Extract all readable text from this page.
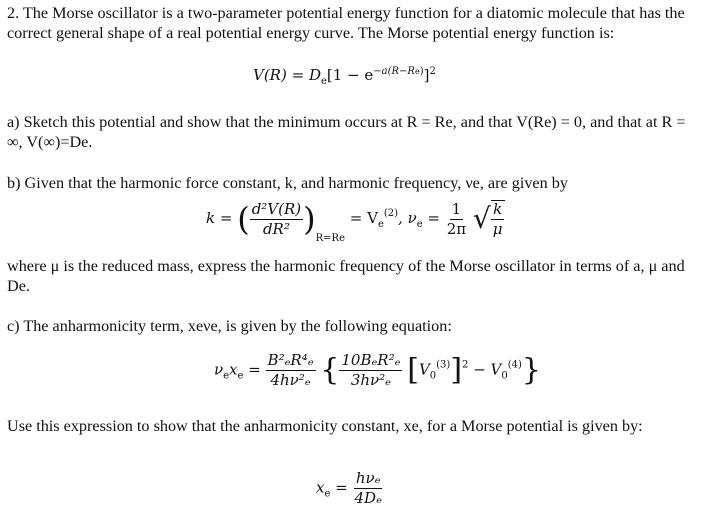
2. The Morse oscillator is a two-parameter potential energy function for a diatomic molecule that has the correct general shape of a real potential energy curve. The Morse potential energy function is:

$V(R) = D_e[1 - e^{-a(R-Re)}]^2$

a) Sketch this potential and show that the minimum occurs at R = Re, and that V(Re) = 0, and that at R = ∞, V(∞)=De.

b) Given that the harmonic force constant, k, and harmonic frequency, νe, are given by

k = ( $\frac{\text{d²V(R)}}{\text{dR²}} )_{R=Re} = V_e^{(2)}$, $\nu_e = \frac{1}{2\pi}$
√ $\frac{k}{\mu}$

where μ is the reduced mass, express the harmonic frequency of the Morse oscillator in terms of a, μ and De.

c) The anharmonicity term, xeνe, is given by the following equation:

$\nu_ex_e = \frac{\text{B²ₑR⁴ₑ}}{\text{4hν²ₑ}}$ { $\frac{\text{10BₑR²ₑ}}{\text{3hν²ₑ}} [V_0^{(3)}]^2 - V_0^{(4)}$}

Use this expression to show that the anharmonicity constant, xe, for a Morse potential is given by:

$x_e = \frac{\text{hνₑ}}{\text{4Dₑ}}$
